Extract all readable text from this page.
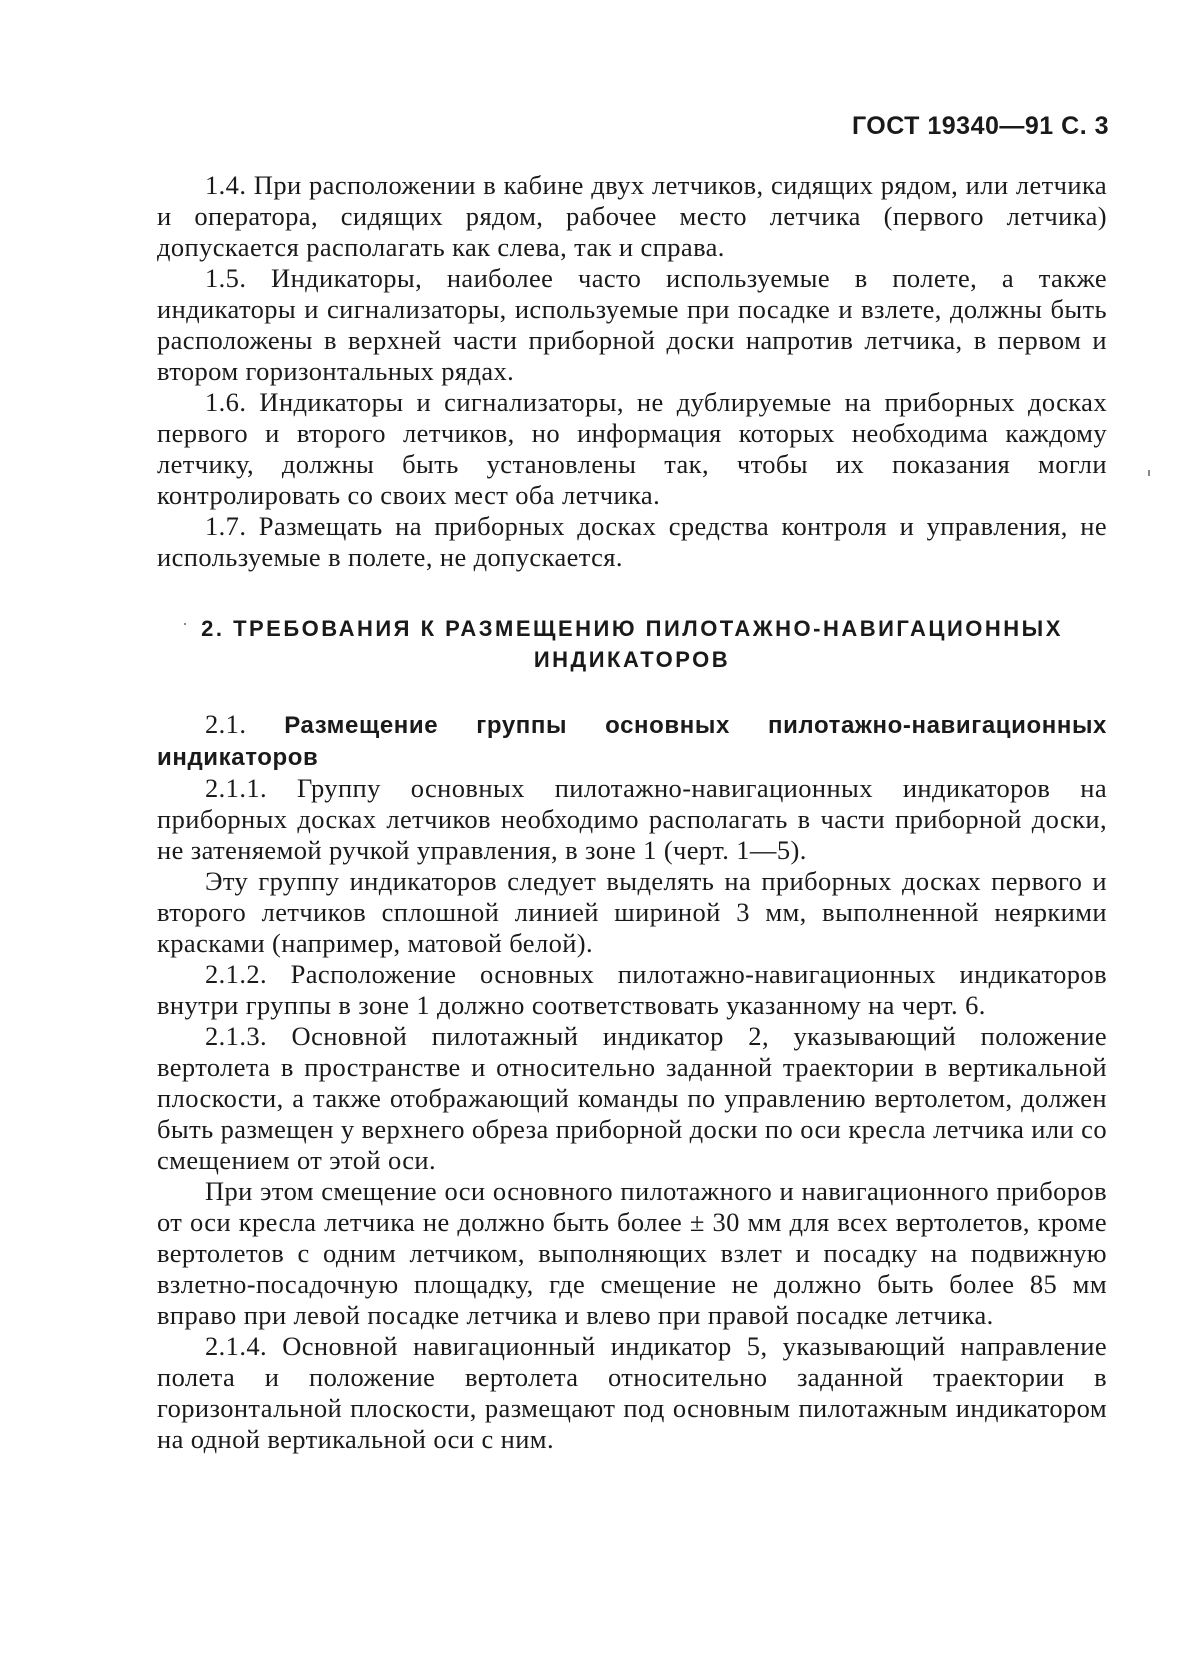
ГОСТ 19340—91 С. 3

1.4. При расположении в кабине двух летчиков, сидящих рядом, или летчика и оператора, сидящих рядом, рабочее место летчика (первого летчика) допускается располагать как слева, так и справа.

1.5. Индикаторы, наиболее часто используемые в полете, а также индикаторы и сигнализаторы, используемые при посадке и взлете, должны быть расположены в верхней части приборной доски напротив летчика, в первом и втором горизонтальных рядах.

1.6. Индикаторы и сигнализаторы, не дублируемые на приборных досках первого и второго летчиков, но информация которых необходима каждому летчику, должны быть установлены так, чтобы их показания могли контролировать со своих мест оба летчика.

1.7. Размещать на приборных досках средства контроля и управления, не используемые в полете, не допускается.

2. ТРЕБОВАНИЯ К РАЗМЕЩЕНИЮ ПИЛОТАЖНО-НАВИГАЦИОННЫХ
ИНДИКАТОРОВ

2.1. Размещение группы основных пилотажно-навигационных индикаторов

2.1.1. Группу основных пилотажно-навигационных индикаторов на приборных досках летчиков необходимо располагать в части приборной доски, не затеняемой ручкой управления, в зоне 1 (черт. 1—5).

Эту группу индикаторов следует выделять на приборных досках первого и второго летчиков сплошной линией шириной 3 мм, выполненной неяркими красками (например, матовой белой).

2.1.2. Расположение основных пилотажно-навигационных индикаторов внутри группы в зоне 1 должно соответствовать указанному на черт. 6.

2.1.3. Основной пилотажный индикатор 2, указывающий положение вертолета в пространстве и относительно заданной траектории в вертикальной плоскости, а также отображающий команды по управлению вертолетом, должен быть размещен у верхнего обреза приборной доски по оси кресла летчика или со смещением от этой оси.

При этом смещение оси основного пилотажного и навигационного приборов от оси кресла летчика не должно быть более ± 30 мм для всех вертолетов, кроме вертолетов с одним летчиком, выполняющих взлет и посадку на подвижную взлетно-посадочную площадку, где смещение не должно быть более 85 мм вправо при левой посадке летчика и влево при правой посадке летчика.

2.1.4. Основной навигационный индикатор 5, указывающий направление полета и положение вертолета относительно заданной траектории в горизонтальной плоскости, размещают под основным пилотажным индикатором на одной вертикальной оси с ним.
